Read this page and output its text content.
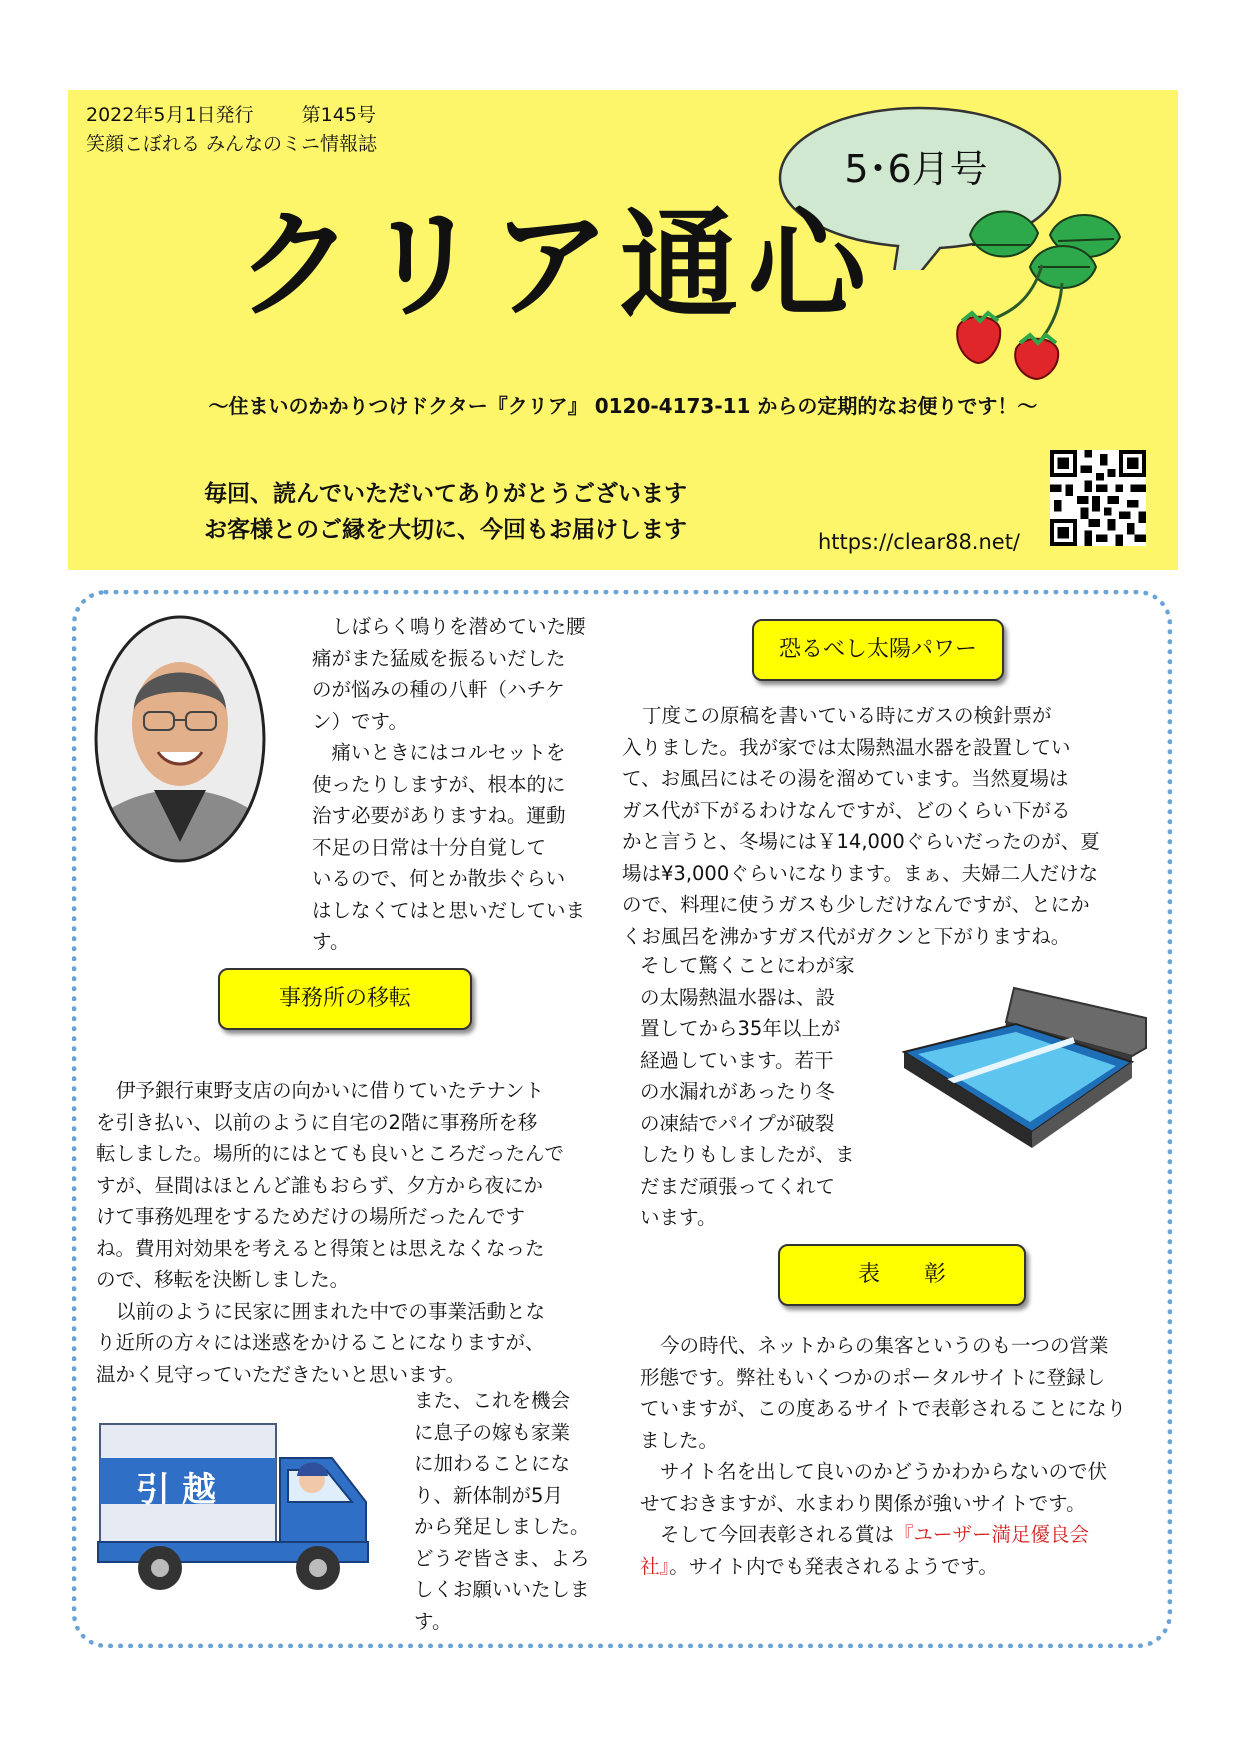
2022年5月1日発行	第145号
笑顔こぼれる みんなのミニ情報誌
5･6月号
クリア通心
～住まいのかかりつけドクター『クリア』 0120-4173-11 からの定期的なお便りです！～
毎回、読んでいただいてありがとうございます
お客様とのご縁を大切に、今回もお届けします	https://clear88.net/
しばらく鳴りを潜めていた腰
痛がまた猛威を振るいだした
のが悩みの種の八軒（ハチケ
ン）です。
　痛いときにはコルセットを
使ったりしますが、根本的に
治す必要がありますね。運動
不足の日常は十分自覚して
いるので、何とか散歩ぐらい
はしなくてはと思いだしていま
す。
事務所の移転
伊予銀行東野支店の向かいに借りていたテナント
を引き払い、以前のように自宅の2階に事務所を移
転しました。場所的にはとても良いところだったんで
すが、昼間はほとんど誰もおらず、夕方から夜にか
けて事務処理をするためだけの場所だったんです
ね。費用対効果を考えると得策とは思えなくなった
ので、移転を決断しました。
以前のように民家に囲まれた中での事業活動とな
り近所の方々には迷惑をかけることになりますが、
温かく見守っていただきたいと思います。
引越
また、これを機会
に息子の嫁も家業
に加わることにな
り、新体制が5月
から発足しました。
どうぞ皆さま、よろ
しくお願いいたしま
す。
恐るべし太陽パワー
丁度この原稿を書いている時にガスの検針票が
入りました。我が家では太陽熱温水器を設置してい
て、お風呂にはその湯を溜めています。当然夏場は
ガス代が下がるわけなんですが、どのくらい下がる
かと言うと、冬場には￥14,000ぐらいだったのが、夏
場は¥3,000ぐらいになります。まぁ、夫婦二人だけな
ので、料理に使うガスも少しだけなんですが、とにか
くお風呂を沸かすガス代がガクンと下がりますね。
そして驚くことにわが家
の太陽熱温水器は、設
置してから35年以上が
経過しています。若干
の水漏れがあったり冬
の凍結でパイプが破裂
したりもしましたが、ま
だまだ頑張ってくれて
います。
表　　彰
今の時代、ネットからの集客というのも一つの営業
形態です。弊社もいくつかのポータルサイトに登録し
ていますが、この度あるサイトで表彰されることになり
ました。
サイト名を出して良いのかどうかわからないので伏
せておきますが、水まわり関係が強いサイトです。
そして今回表彰される賞は『ユーザー満足優良会
社』。サイト内でも発表されるようです。
